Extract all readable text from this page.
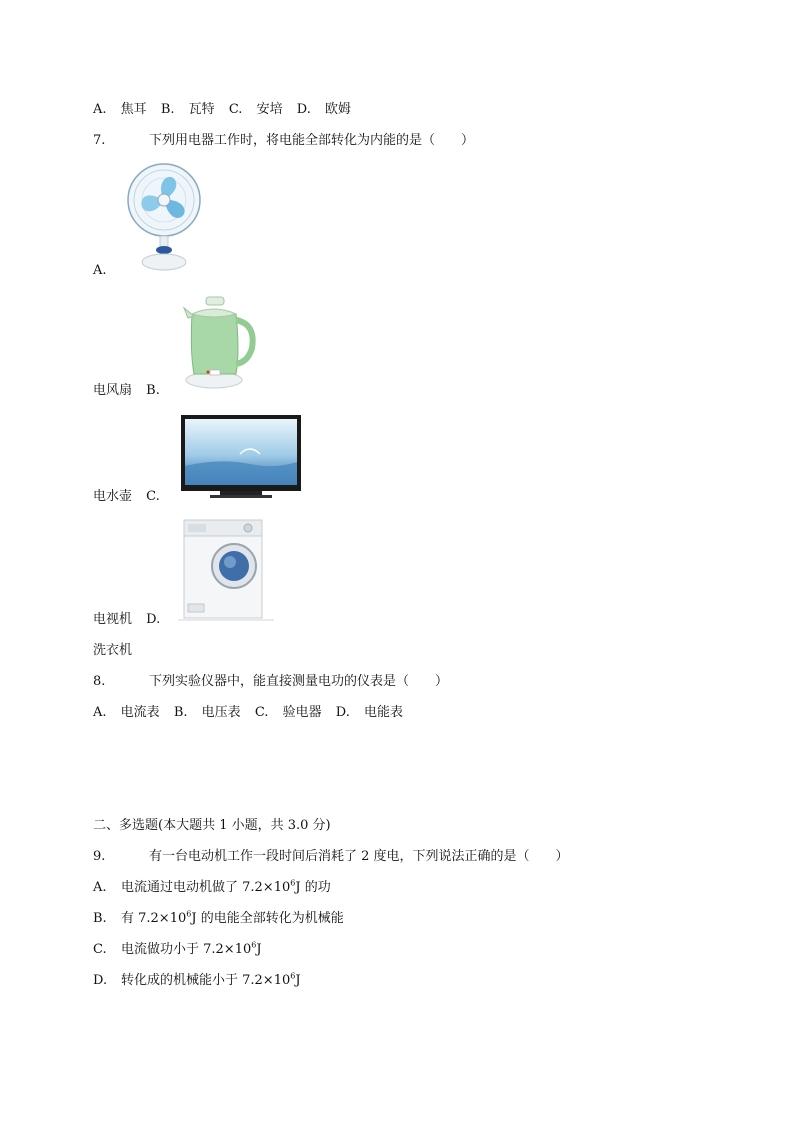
A. 焦耳 B. 瓦特 C. 安培 D. 欧姆
7.	下列用电器工作时，将电能全部转化为内能的是（　　）
A.
电风扇 B.
电水壶 C.
电视机 D.
洗衣机
8.	下列实验仪器中，能直接测量电功的仪表是（　　）
A. 电流表 B. 电压表 C. 验电器 D. 电能表
二、多选题(本大题共 1 小题，共 3.0 分)
9.	有一台电动机工作一段时间后消耗了 2 度电，下列说法正确的是（　　）
A. 电流通过电动机做了 $7.2\times 10^6J$ 的功
B. 有 $7.2\times 10^6J$ 的电能全部转化为机械能
C. 电流做功小于 $7.2\times 10^6J$
D. 转化成的机械能小于 $7.2\times 10^6J$
